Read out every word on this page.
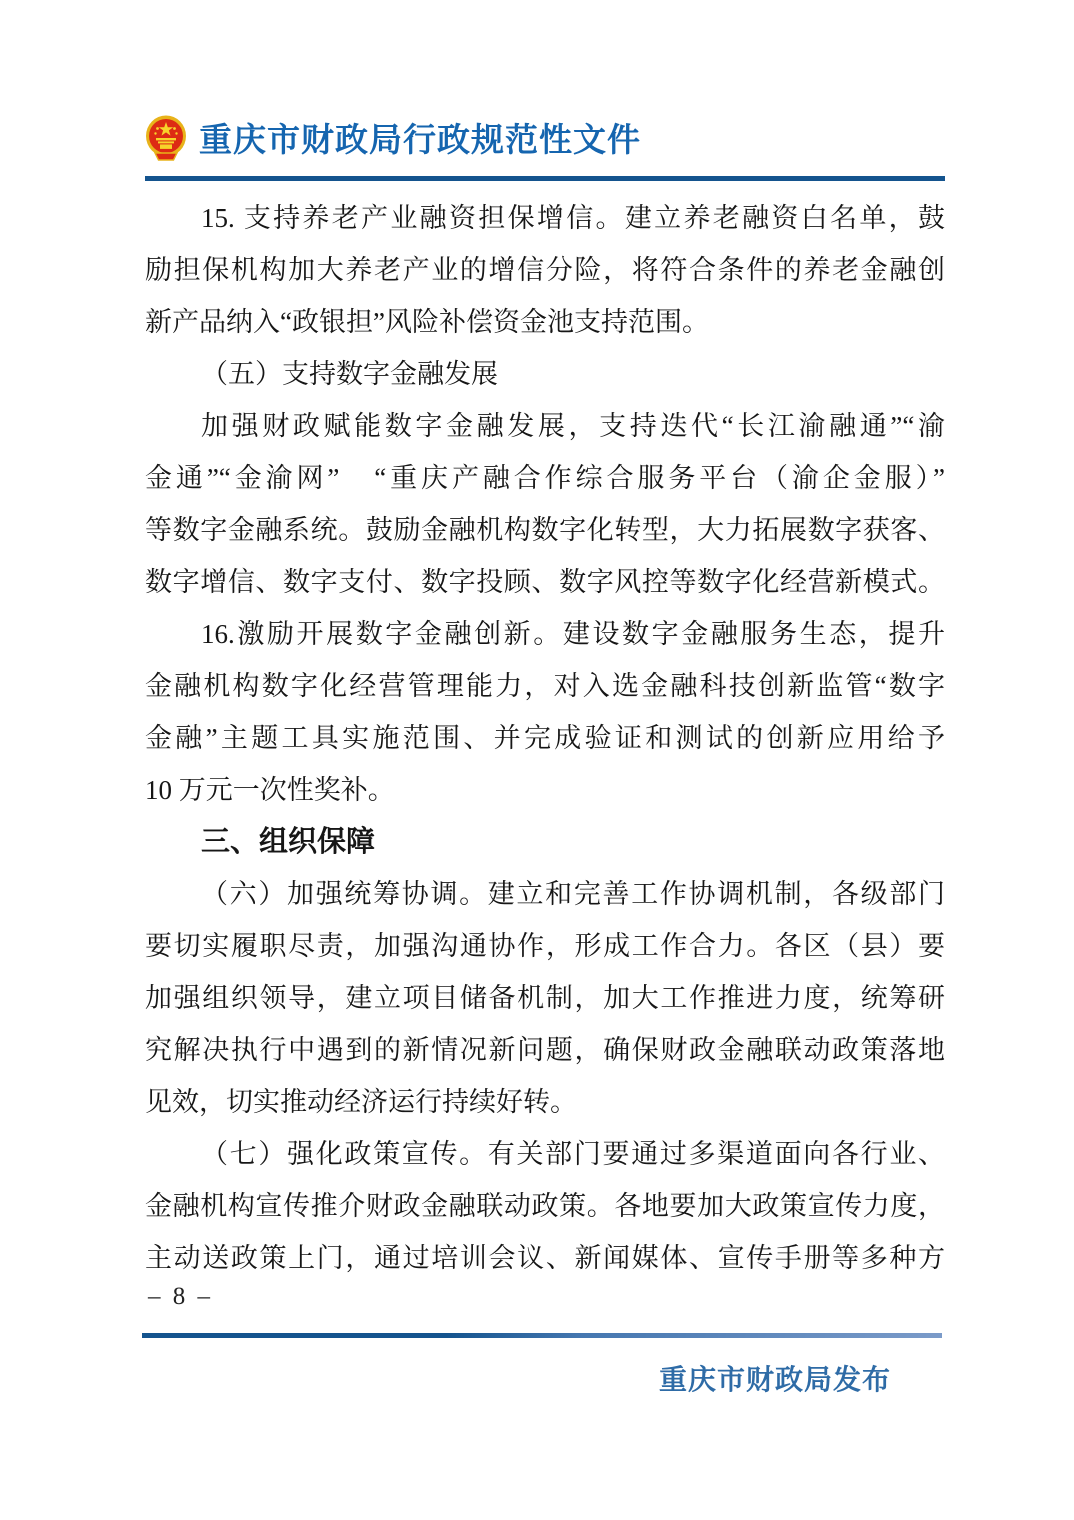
重庆市财政局行政规范性文件
15. 支持养老产业融资担保增信。建立养老融资白名单，鼓
励担保机构加大养老产业的增信分险，将符合条件的养老金融创
新产品纳入“政银担”风险补偿资金池支持范围。
（五）支持数字金融发展
加强财政赋能数字金融发展，支持迭代“长江渝融通”“渝
金通”“金渝网”　“重庆产融合作综合服务平台（渝企金服）”
等数字金融系统。鼓励金融机构数字化转型，大力拓展数字获客、
数字增信、数字支付、数字投顾、数字风控等数字化经营新模式。
16.激励开展数字金融创新。建设数字金融服务生态，提升
金融机构数字化经营管理能力，对入选金融科技创新监管“数字
金融”主题工具实施范围、并完成验证和测试的创新应用给予
10 万元一次性奖补。
三、组织保障
（六）加强统筹协调。建立和完善工作协调机制，各级部门
要切实履职尽责，加强沟通协作，形成工作合力。各区（县）要
加强组织领导，建立项目储备机制，加大工作推进力度，统筹研
究解决执行中遇到的新情况新问题，确保财政金融联动政策落地
见效，切实推动经济运行持续好转。
（七）强化政策宣传。有关部门要通过多渠道面向各行业、
金融机构宣传推介财政金融联动政策。各地要加大政策宣传力度，
主动送政策上门，通过培训会议、新闻媒体、宣传手册等多种方
– 8 –
重庆市财政局发布
